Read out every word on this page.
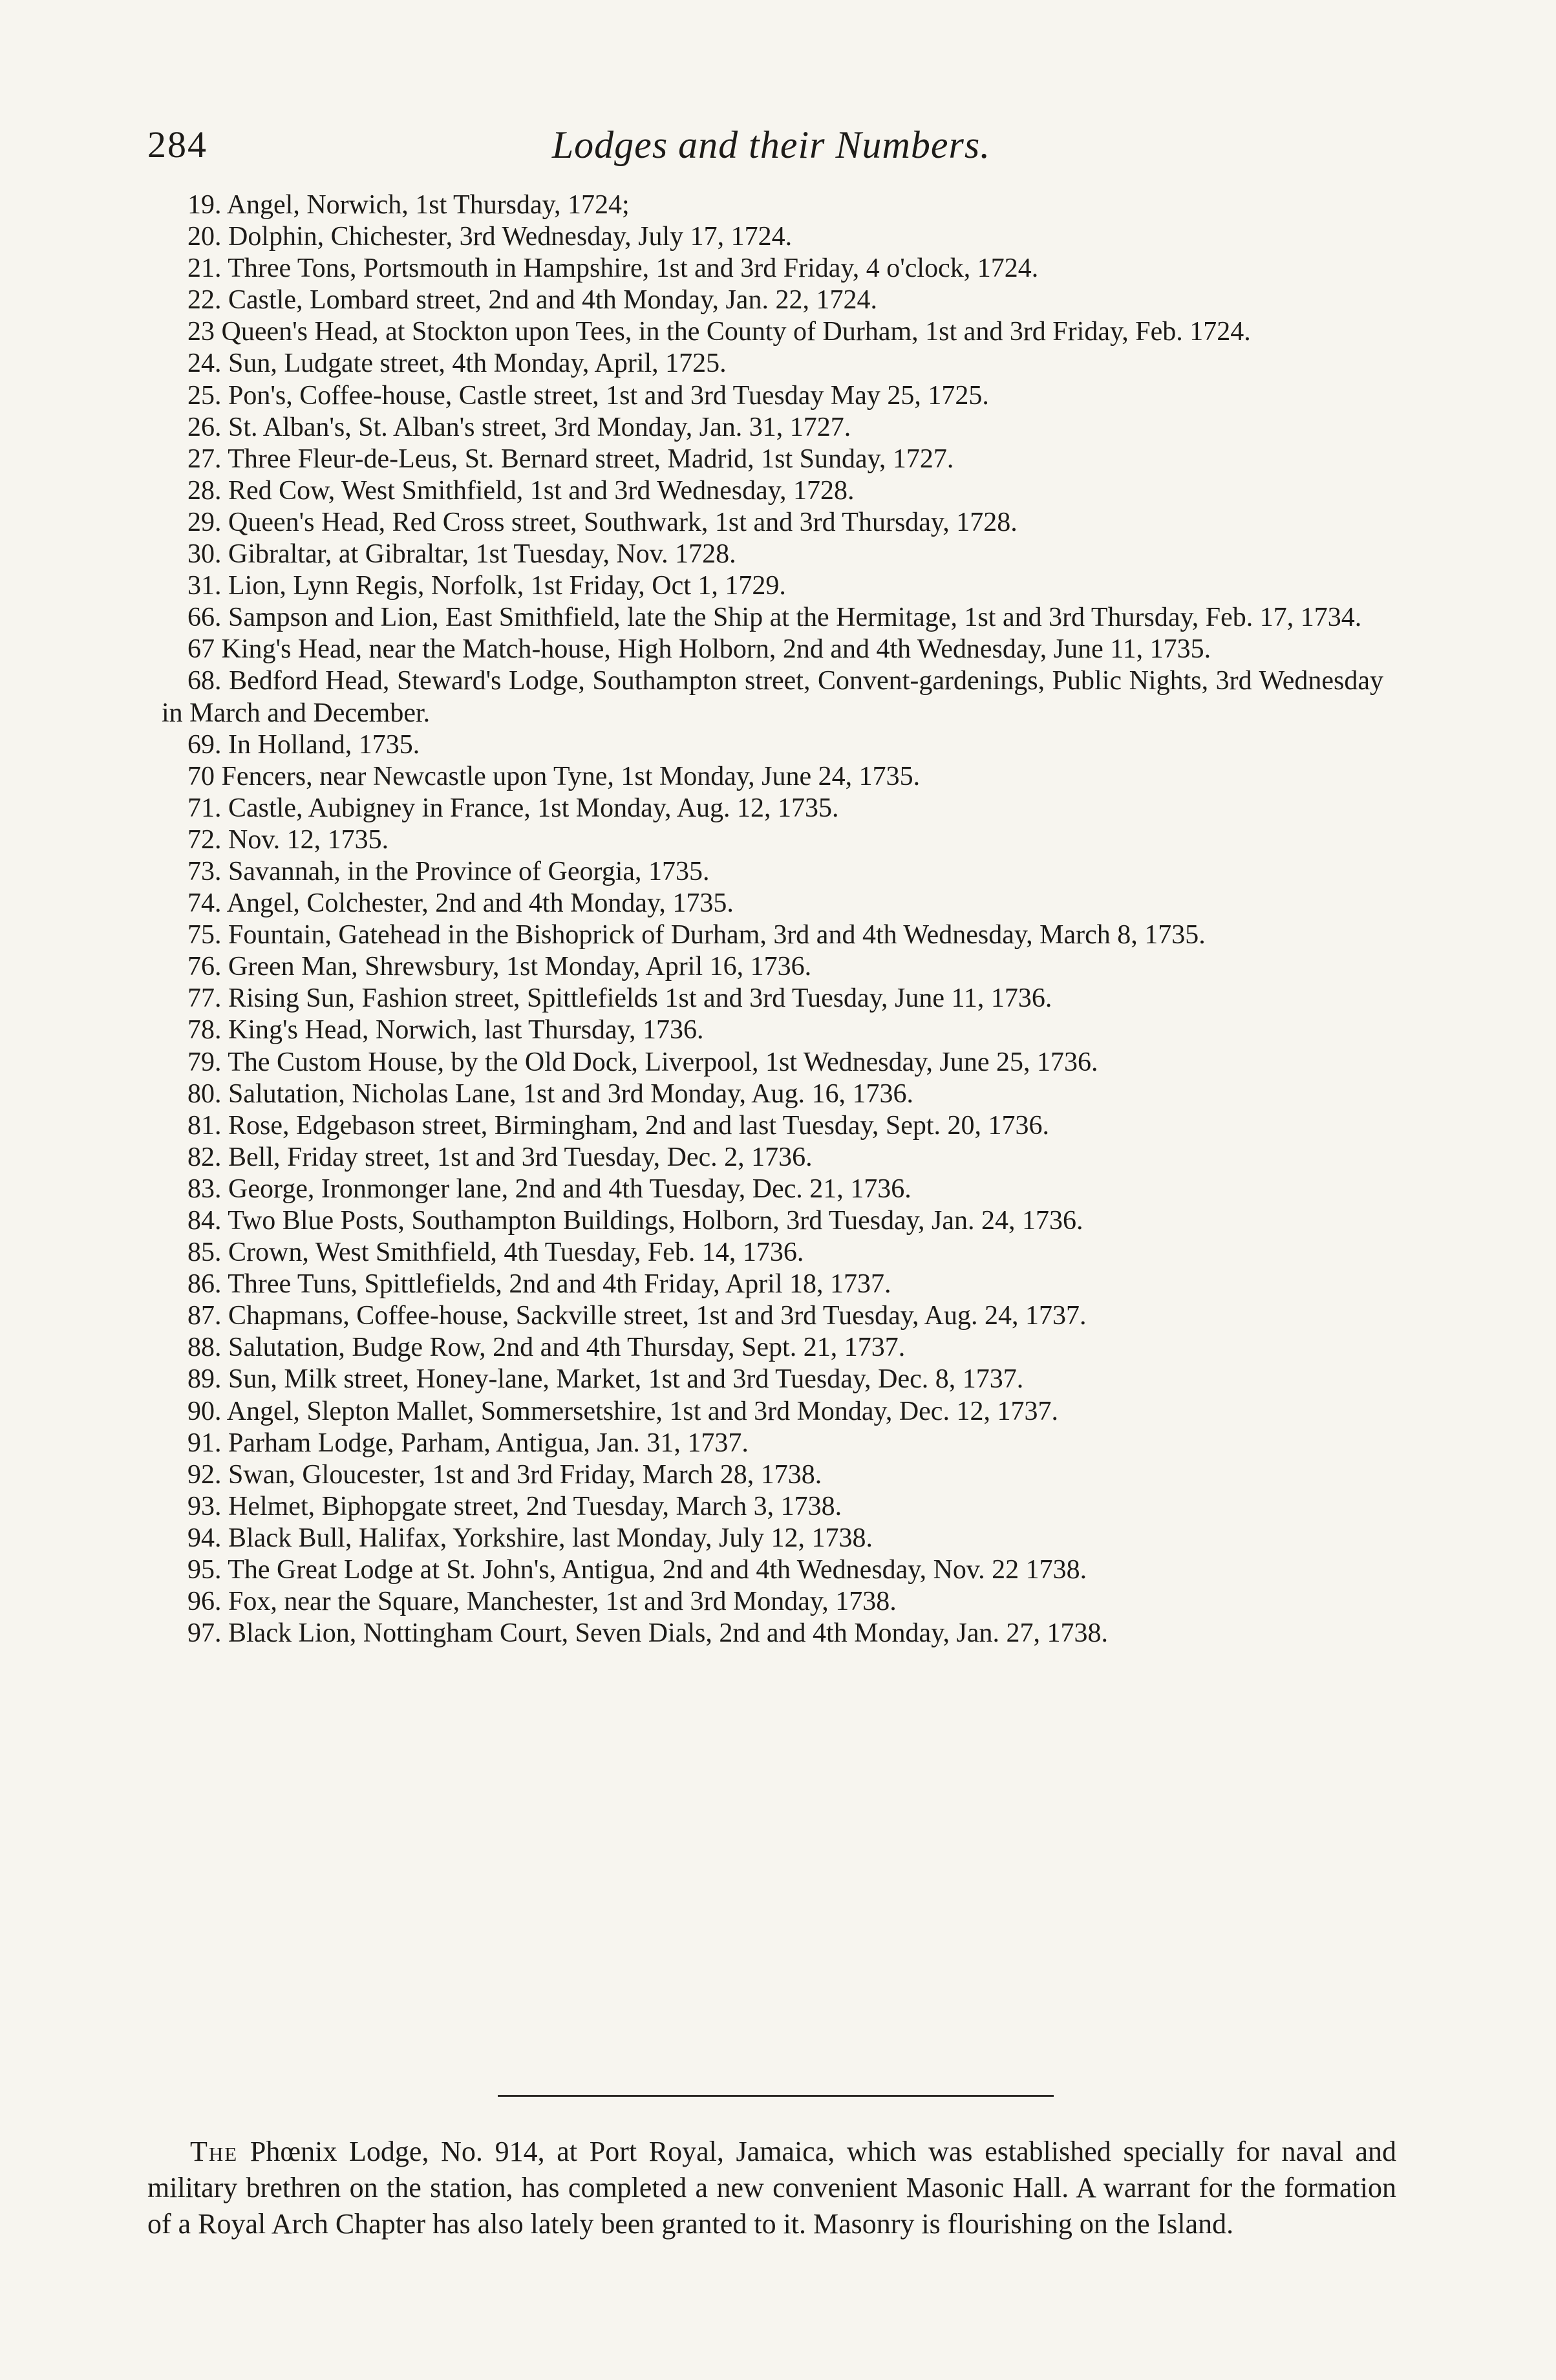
284	Lodges and their Numbers.
19. Angel, Norwich, 1st Thursday, 1724;
20. Dolphin, Chichester, 3rd Wednesday, July 17, 1724.
21. Three Tons, Portsmouth in Hampshire, 1st and 3rd Friday, 4 o'clock, 1724.
22. Castle, Lombard street, 2nd and 4th Monday, Jan. 22, 1724.
23 Queen's Head, at Stockton upon Tees, in the County of Durham, 1st and 3rd Friday, Feb. 1724.
24. Sun, Ludgate street, 4th Monday, April, 1725.
25. Pon's, Coffee-house, Castle street, 1st and 3rd Tuesday May 25, 1725.
26. St. Alban's, St. Alban's street, 3rd Monday, Jan. 31, 1727.
27. Three Fleur-de-Leus, St. Bernard street, Madrid, 1st Sunday, 1727.
28. Red Cow, West Smithfield, 1st and 3rd Wednesday, 1728.
29. Queen's Head, Red Cross street, Southwark, 1st and 3rd Thursday, 1728.
30. Gibraltar, at Gibraltar, 1st Tuesday, Nov. 1728.
31. Lion, Lynn Regis, Norfolk, 1st Friday, Oct 1, 1729.
66. Sampson and Lion, East Smithfield, late the Ship at the Hermitage, 1st and 3rd Thursday, Feb. 17, 1734.
67 King's Head, near the Match-house, High Holborn, 2nd and 4th Wednesday, June 11, 1735.
68. Bedford Head, Steward's Lodge, Southampton street, Convent-gardenings, Public Nights, 3rd Wednesday in March and December.
69. In Holland, 1735.
70 Fencers, near Newcastle upon Tyne, 1st Monday, June 24, 1735.
71. Castle, Aubigney in France, 1st Monday, Aug. 12, 1735.
72. Nov. 12, 1735.
73. Savannah, in the Province of Georgia, 1735.
74. Angel, Colchester, 2nd and 4th Monday, 1735.
75. Fountain, Gatehead in the Bishoprick of Durham, 3rd and 4th Wednesday, March 8, 1735.
76. Green Man, Shrewsbury, 1st Monday, April 16, 1736.
77. Rising Sun, Fashion street, Spittlefields 1st and 3rd Tuesday, June 11, 1736.
78. King's Head, Norwich, last Thursday, 1736.
79. The Custom House, by the Old Dock, Liverpool, 1st Wednesday, June 25, 1736.
80. Salutation, Nicholas Lane, 1st and 3rd Monday, Aug. 16, 1736.
81. Rose, Edgebason street, Birmingham, 2nd and last Tuesday, Sept. 20, 1736.
82. Bell, Friday street, 1st and 3rd Tuesday, Dec. 2, 1736.
83. George, Ironmonger lane, 2nd and 4th Tuesday, Dec. 21, 1736.
84. Two Blue Posts, Southampton Buildings, Holborn, 3rd Tuesday, Jan. 24, 1736.
85. Crown, West Smithfield, 4th Tuesday, Feb. 14, 1736.
86. Three Tuns, Spittlefields, 2nd and 4th Friday, April 18, 1737.
87. Chapmans, Coffee-house, Sackville street, 1st and 3rd Tuesday, Aug. 24, 1737.
88. Salutation, Budge Row, 2nd and 4th Thursday, Sept. 21, 1737.
89. Sun, Milk street, Honey-lane, Market, 1st and 3rd Tuesday, Dec. 8, 1737.
90. Angel, Slepton Mallet, Sommersetshire, 1st and 3rd Monday, Dec. 12, 1737.
91. Parham Lodge, Parham, Antigua, Jan. 31, 1737.
92. Swan, Gloucester, 1st and 3rd Friday, March 28, 1738.
93. Helmet, Biphopgate street, 2nd Tuesday, March 3, 1738.
94. Black Bull, Halifax, Yorkshire, last Monday, July 12, 1738.
95. The Great Lodge at St. John's, Antigua, 2nd and 4th Wednesday, Nov. 22 1738.
96. Fox, near the Square, Manchester, 1st and 3rd Monday, 1738.
97. Black Lion, Nottingham Court, Seven Dials, 2nd and 4th Monday, Jan. 27, 1738.

The Phœnix Lodge, No. 914, at Port Royal, Jamaica, which was established specially for naval and military brethren on the station, has completed a new convenient Masonic Hall. A warrant for the formation of a Royal Arch Chapter has also lately been granted to it. Masonry is flourishing on the Island.
